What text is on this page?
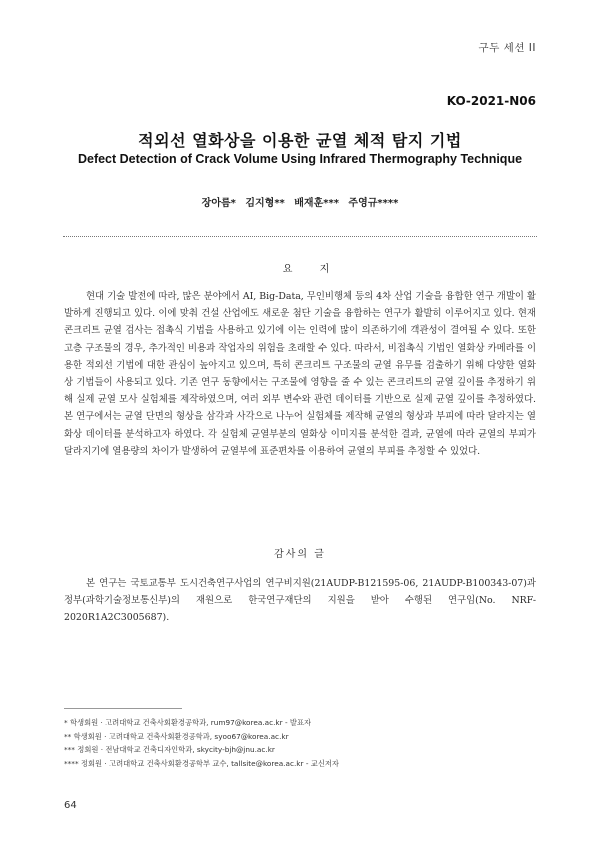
구두 세션 II
KO-2021-N06
적외선 열화상을 이용한 균열 체적 탐지 기법
Defect Detection of Crack Volume Using Infrared Thermography Technique
장아름* 김지형** 배재훈*** 주영규****
요 지

현대 기술 발전에 따라, 많은 분야에서 AI, Big-Data, 무인비행체 등의 4차 산업 기술을 융합한 연구 개발이 활발하게 진행되고 있다. 이에 맞춰 건설 산업에도 새로운 첨단 기술을 융합하는 연구가 활발히 이루어지고 있다. 현재 콘크리트 균열 검사는 접촉식 기법을 사용하고 있기에 이는 인력에 많이 의존하기에 객관성이 결여될 수 있다. 또한 고층 구조물의 경우, 추가적인 비용과 작업자의 위험을 초래할 수 있다. 따라서, 비접촉식 기법인 열화상 카메라를 이용한 적외선 기법에 대한 관심이 높아지고 있으며, 특히 콘크리트 구조물의 균열 유무를 검출하기 위해 다양한 열화상 기법들이 사용되고 있다. 기존 연구 동향에서는 구조물에 영향을 줄 수 있는 콘크리트의 균열 깊이를 추정하기 위해 실제 균열 모사 실험체를 제작하였으며, 여러 외부 변수와 관련 데이터를 기반으로 실제 균열 깊이를 추정하였다. 본 연구에서는 균열 단면의 형상을 삼각과 사각으로 나누어 실험체를 제작해 균열의 형상과 부피에 따라 달라지는 열화상 데이터를 분석하고자 하였다. 각 실험체 균열부분의 열화상 이미지를 분석한 결과, 균열에 따라 균열의 부피가 달라지기에 열용량의 차이가 발생하여 균열부에 표준편차를 이용하여 균열의 부피를 추정할 수 있었다.

감사의 글

본 연구는 국토교통부 도시건축연구사업의 연구비지원(21AUDP-B121595-06, 21AUDP-B100343-07)과 정부(과학기술정보통신부)의 재원으로 한국연구재단의 지원을 받아 수행된 연구임(No. NRF-2020R1A2C3005687).

* 학생회원 · 고려대학교 건축사회환경공학과, rum97@korea.ac.kr - 발표자
** 학생회원 · 고려대학교 건축사회환경공학과, syoo67@korea.ac.kr
*** 정회원 · 전남대학교 건축디자인학과, skycity-bjh@jnu.ac.kr
**** 정회원 · 고려대학교 건축사회환경공학부 교수, tallsite@korea.ac.kr - 교신저자
64
